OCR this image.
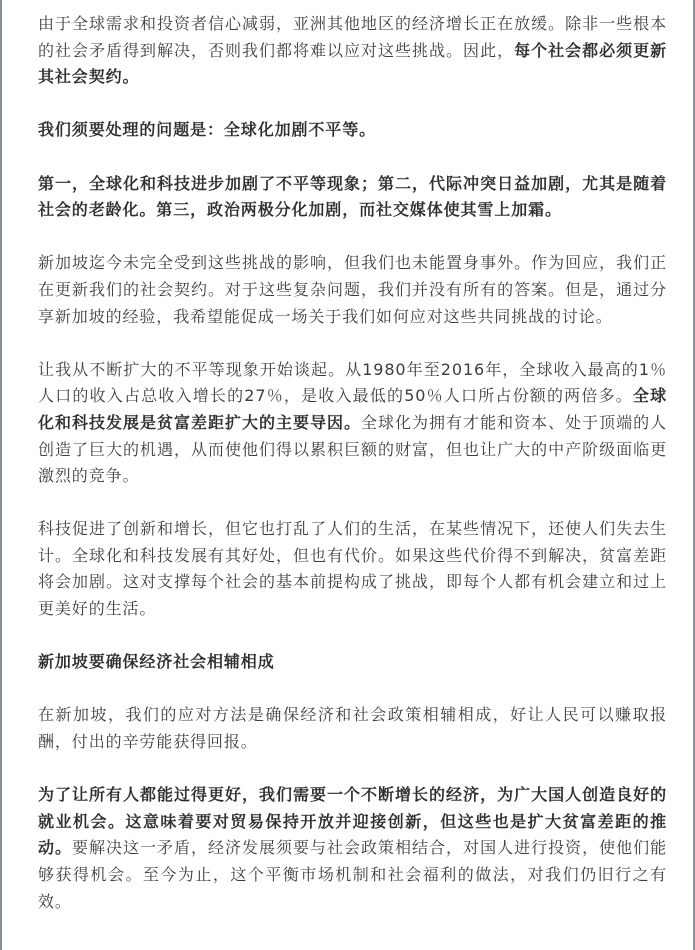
由于全球需求和投资者信心减弱，亚洲其他地区的经济增长正在放缓。除非一些根本的社会矛盾得到解决，否则我们都将难以应对这些挑战。因此，每个社会都必须更新其社会契约。

我们须要处理的问题是：全球化加剧不平等。

第一，全球化和科技进步加剧了不平等现象；第二，代际冲突日益加剧，尤其是随着社会的老龄化。第三，政治两极分化加剧，而社交媒体使其雪上加霜。

新加坡迄今未完全受到这些挑战的影响，但我们也未能置身事外。作为回应，我们正在更新我们的社会契约。对于这些复杂问题，我们并没有所有的答案。但是，通过分享新加坡的经验，我希望能促成一场关于我们如何应对这些共同挑战的讨论。

让我从不断扩大的不平等现象开始谈起。从1980年至2016年，全球收入最高的1％人口的收入占总收入增长的27％，是收入最低的50％人口所占份额的两倍多。全球化和科技发展是贫富差距扩大的主要导因。全球化为拥有才能和资本、处于顶端的人创造了巨大的机遇，从而使他们得以累积巨额的财富，但也让广大的中产阶级面临更激烈的竞争。

科技促进了创新和增长，但它也打乱了人们的生活，在某些情况下，还使人们失去生计。全球化和科技发展有其好处，但也有代价。如果这些代价得不到解决，贫富差距将会加剧。这对支撑每个社会的基本前提构成了挑战，即每个人都有机会建立和过上更美好的生活。

新加坡要确保经济社会相辅相成

在新加坡，我们的应对方法是确保经济和社会政策相辅相成，好让人民可以赚取报酬，付出的辛劳能获得回报。

为了让所有人都能过得更好，我们需要一个不断增长的经济，为广大国人创造良好的就业机会。这意味着要对贸易保持开放并迎接创新，但这些也是扩大贫富差距的推动。要解决这一矛盾，经济发展须要与社会政策相结合，对国人进行投资，使他们能够获得机会。至今为止，这个平衡市场机制和社会福利的做法，对我们仍旧行之有效。
